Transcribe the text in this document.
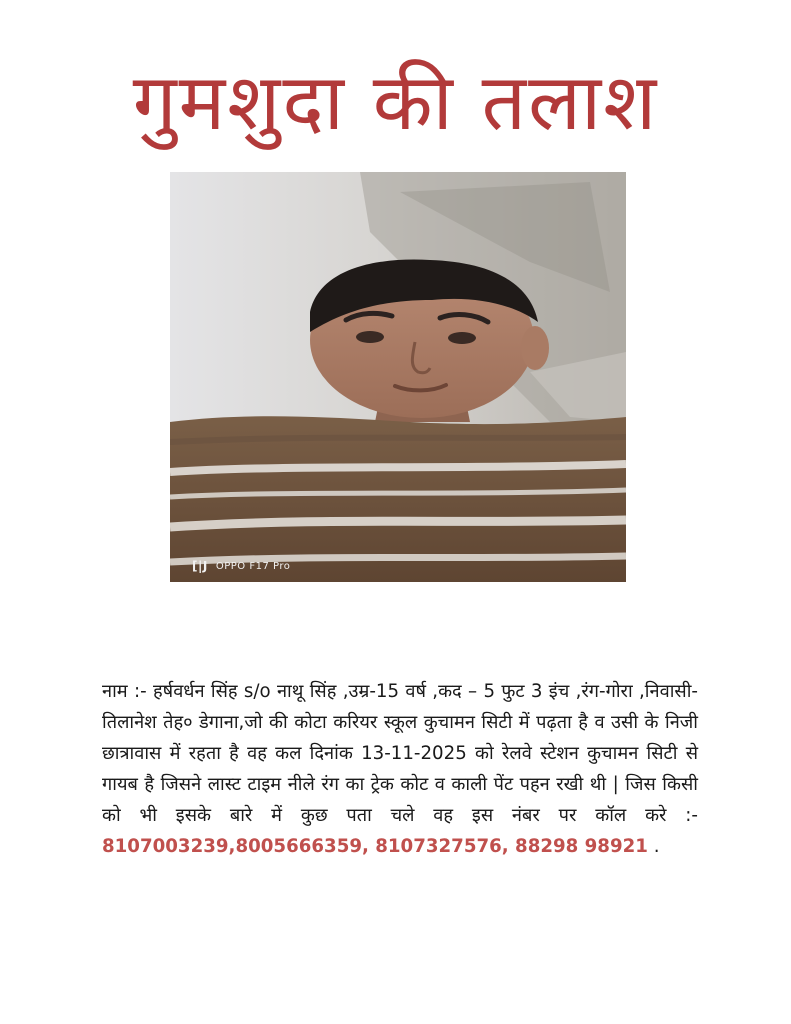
गुमशुदा की तलाश
[|J OPPO F17 Pro
नाम :- हर्षवर्धन सिंह s/o नाथू सिंह ,उम्र-15 वर्ष ,कद – 5 फुट 3 इंच ,रंग-गोरा ,निवासी-तिलानेश तेह० डेगाना,जो की कोटा करियर स्कूल कुचामन सिटी में पढ़ता है व उसी के निजी छात्रावास में रहता है वह कल दिनांक 13-11-2025 को रेलवे स्टेशन कुचामन सिटी से गायब है जिसने लास्ट टाइम नीले रंग का ट्रेक कोट व काली पेंट पहन रखी थी | जिस किसी को भी इसके बारे में कुछ पता चले वह इस नंबर पर कॉल करे :- 8107003239,8005666359, 8107327576, 88298 98921 .
